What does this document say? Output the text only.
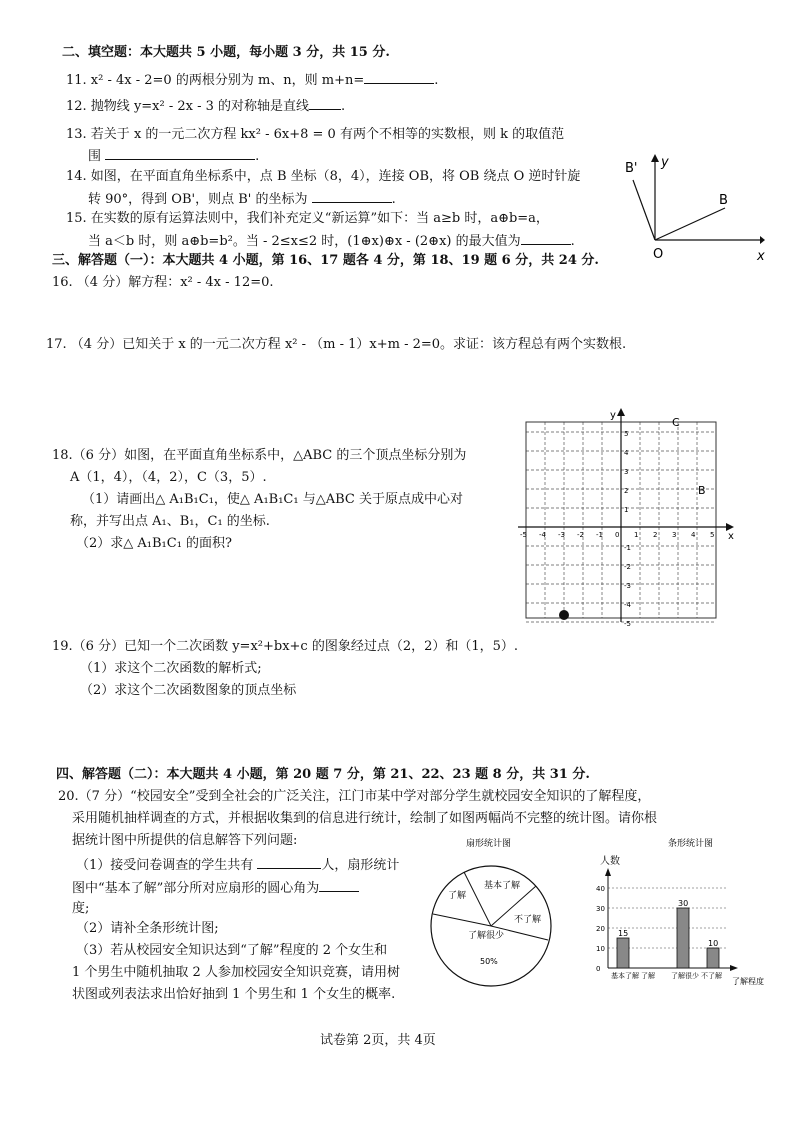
二、填空题：本大题共 5 小题，每小题 3 分，共 15 分.
11. x² - 4x - 2=0 的两根分别为 m、n，则 m+n=	.
12. 抛物线 y=x² - 2x - 3 的对称轴是直线 .
13. 若关于 x 的一元二次方程 kx² - 6x+8 = 0 有两个不相等的实数根，则 k 的取值范
围	.
14. 如图，在平面直角坐标系中，点 B 坐标（8，4），连接 OB，将 OB 绕点 O 逆时针旋
转 90°，得到 OB'，则点 B' 的坐标为	.
15. 在实数的原有运算法则中，我们补充定义“新运算”如下：当 a≥b 时，a⊕b=a，
当 a＜b 时，则 a⊕b=b²。当 - 2≤x≤2 时，(1⊕x)⊕x - (2⊕x) 的最大值为	.
B' y
B
O	x
三、解答题（一）：本大题共 4 小题，第 16、17 题各 4 分，第 18、19 题 6 分，共 24 分.
16. （4 分）解方程：x² - 4x - 12=0.
17. （4 分）已知关于 x 的一元二次方程 x² - （m - 1）x+m - 2=0。求证：该方程总有两个实数根.
18.（6 分）如图，在平面直角坐标系中，△ABC 的三个顶点坐标分别为
A（1，4），（4，2），C（3，5）.
（1）请画出△ A₁B₁C₁，使△ A₁B₁C₁ 与△ABC 关于原点成中心对
称，并写出点 A₁、B₁，C₁ 的坐标.
（2）求△ A₁B₁C₁ 的面积?
5
4
3
2
1
-1
-2
-3
-4
-5
-5 -4 -3 -2 -1 0 1 2 3 4 5
y
x
C
B
19.（6 分）已知一个二次函数 y=x²+bx+c 的图象经过点（2，2）和（1，5）.
（1）求这个二次函数的解析式;
（2）求这个二次函数图象的顶点坐标
四、解答题（二）：本大题共 4 小题，第 20 题 7 分，第 21、22、23 题 8 分，共 31 分.
20.（7 分）“校园安全”受到全社会的广泛关注，江门市某中学对部分学生就校园安全知识的了解程度，
采用随机抽样调查的方式，并根据收集到的信息进行统计，绘制了如图两幅尚不完整的统计图。请你根
据统计图中所提供的信息解答下列问题:
（1）接受问卷调查的学生共有	人，扇形统计
图中“基本了解”部分所对应扇形的圆心角为
度;
（2）请补全条形统计图;
（3）若从校园安全知识达到“了解”程度的 2 个女生和
1 个男生中随机抽取 2 人参加校园安全知识竞赛，请用树
状图或列表法求出恰好抽到 1 个男生和 1 个女生的概率.
扇形统计图
了解
基本了解
不了解
了解很少
50%
条形统计图
人数
0
10
20
30
40
15
基本了解 了解
30
了解很少
10
不了解
了解程度
试卷第 2页，共 4页
